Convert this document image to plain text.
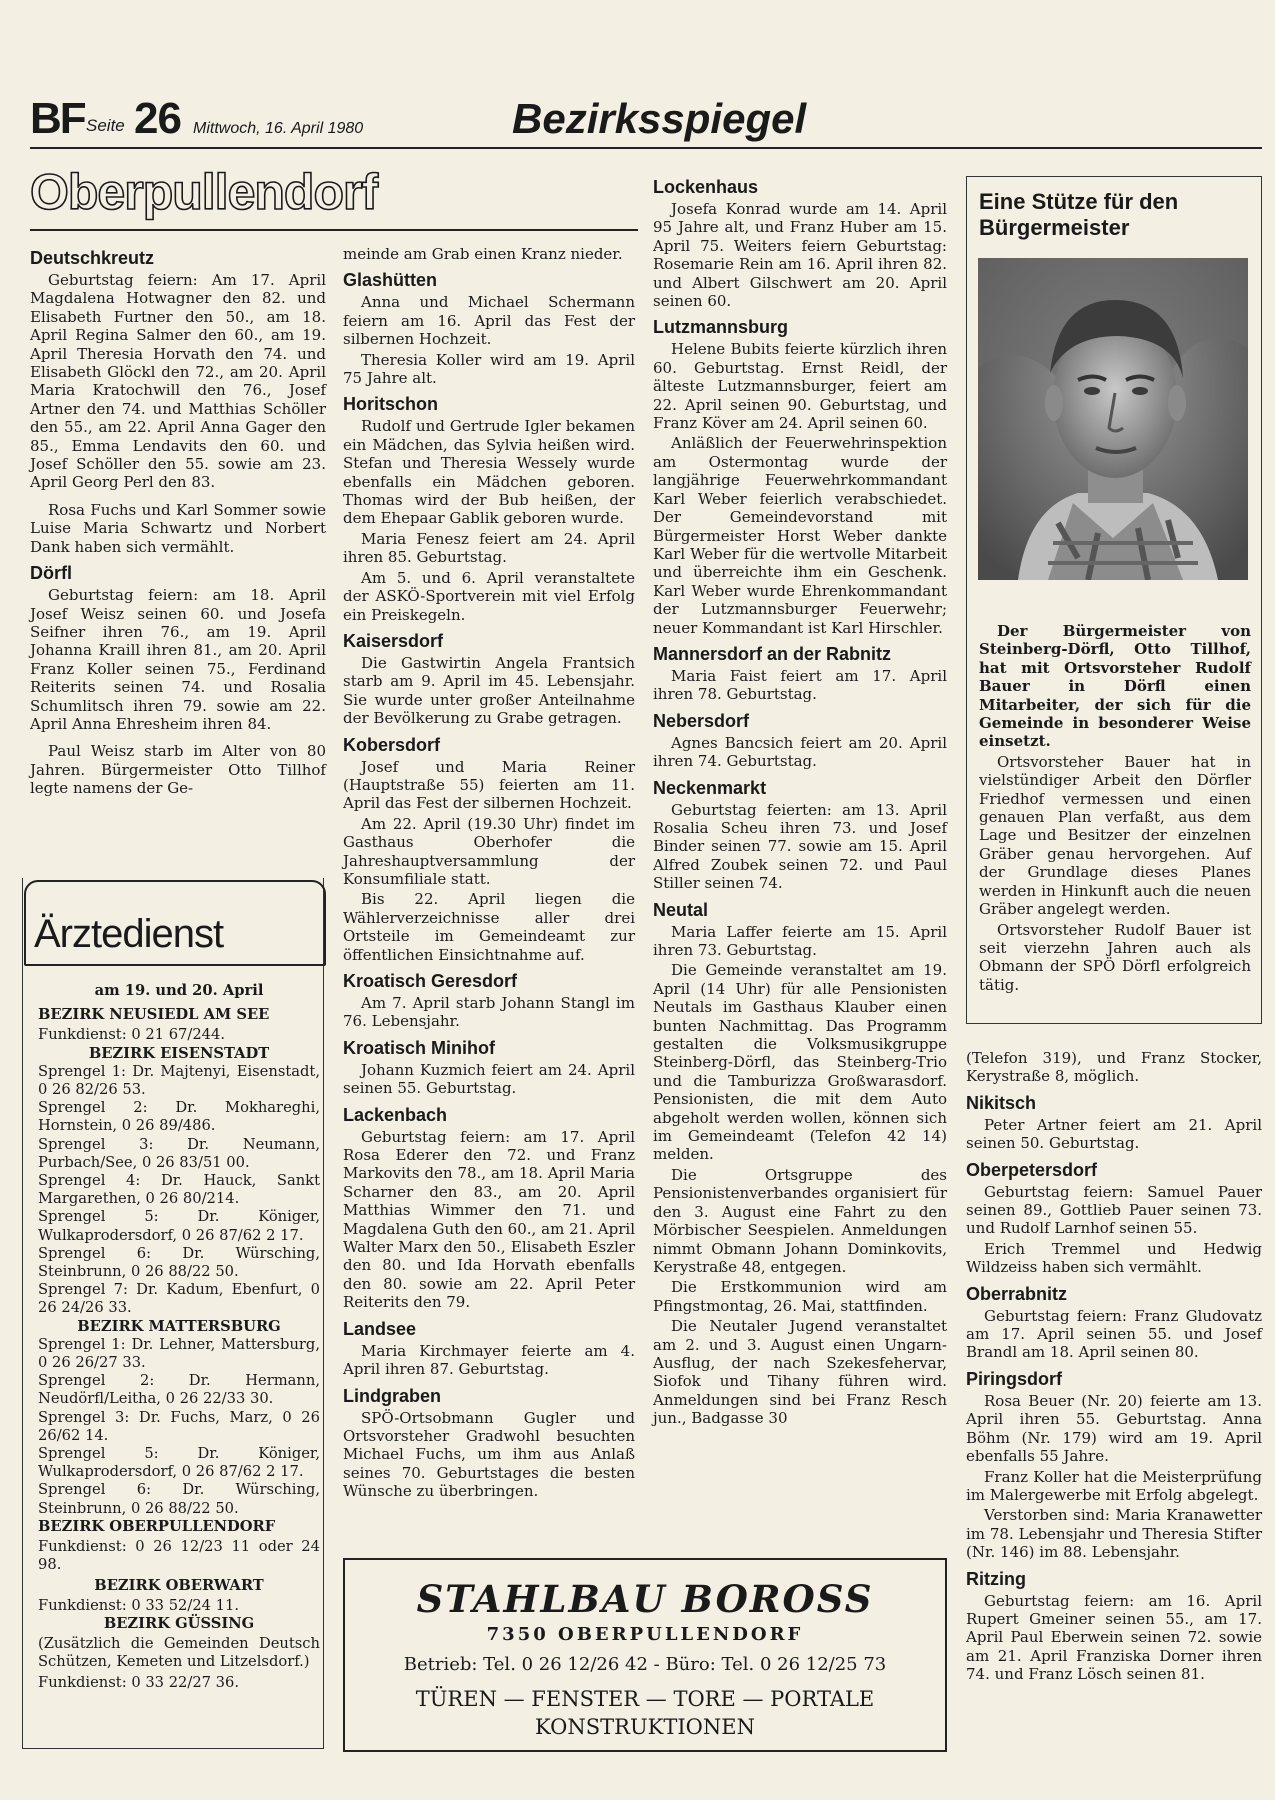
BF Seite 26 Mittwoch, 16. April 1980	Bezirksspiegel
Oberpullendorf
Deutschkreutz

Geburtstag feiern: Am 17. April Magdalena Hotwagner den 82. und Elisabeth Furtner den 50., am 18. April Regina Salmer den 60., am 19. April Theresia Horvath den 74. und Elisabeth Glöckl den 72., am 20. April Maria Kratochwill den 76., Josef Artner den 74. und Matthias Schöller den 55., am 22. April Anna Gager den 85., Emma Lendavits den 60. und Josef Schöller den 55. sowie am 23. April Georg Perl den 83.

Rosa Fuchs und Karl Sommer sowie Luise Maria Schwartz und Norbert Dank haben sich vermählt.

Dörfl

Geburtstag feiern: am 18. April Josef Weisz seinen 60. und Josefa Seifner ihren 76., am 19. April Johanna Kraill ihren 81., am 20. April Franz Koller seinen 75., Ferdinand Reiterits seinen 74. und Rosalia Schumlitsch ihren 79. sowie am 22. April Anna Ehresheim ihren 84.

Paul Weisz starb im Alter von 80 Jahren. Bürgermeister Otto Tillhof legte namens der Ge-

Ärztedienst

am 19. und 20. April

BEZIRK NEUSIEDL AM SEE

Funkdienst: 0 21 67/244.

BEZIRK EISENSTADT

Sprengel 1: Dr. Majtenyi, Eisenstadt, 0 26 82/26 53.

Sprengel 2: Dr. Mokhareghi, Hornstein, 0 26 89/486.

Sprengel 3: Dr. Neumann, Purbach/See, 0 26 83/51 00.

Sprengel 4: Dr. Hauck, Sankt Margarethen, 0 26 80/214.

Sprengel 5: Dr. Königer, Wulkaprodersdorf, 0 26 87/62 2 17.

Sprengel 6: Dr. Würsching, Steinbrunn, 0 26 88/22 50.

Sprengel 7: Dr. Kadum, Ebenfurt, 0 26 24/26 33.

BEZIRK MATTERSBURG

Sprengel 1: Dr. Lehner, Mattersburg, 0 26 26/27 33.

Sprengel 2: Dr. Hermann, Neudörfl/Leitha, 0 26 22/33 30.

Sprengel 3: Dr. Fuchs, Marz, 0 26 26/62 14.

Sprengel 5: Dr. Königer, Wulkaprodersdorf, 0 26 87/62 2 17.

Sprengel 6: Dr. Würsching, Steinbrunn, 0 26 88/22 50.

BEZIRK OBERPULLENDORF

Funkdienst: 0 26 12/23 11 oder 24 98.

BEZIRK OBERWART

Funkdienst: 0 33 52/24 11.

BEZIRK GÜSSING

(Zusätzlich die Gemeinden Deutsch Schützen, Kemeten und Litzelsdorf.)

Funkdienst: 0 33 22/27 36.

meinde am Grab einen Kranz nieder.

Glashütten

Anna und Michael Schermann feiern am 16. April das Fest der silbernen Hochzeit.

Theresia Koller wird am 19. April 75 Jahre alt.

Horitschon

Rudolf und Gertrude Igler bekamen ein Mädchen, das Sylvia heißen wird. Stefan und Theresia Wessely wurde ebenfalls ein Mädchen geboren. Thomas wird der Bub heißen, der dem Ehepaar Gablik geboren wurde.

Maria Fenesz feiert am 24. April ihren 85. Geburtstag.

Am 5. und 6. April veranstaltete der ASKÖ-Sportverein mit viel Erfolg ein Preiskegeln.

Kaisersdorf

Die Gastwirtin Angela Frantsich starb am 9. April im 45. Lebensjahr. Sie wurde unter großer Anteilnahme der Bevölkerung zu Grabe getragen.

Kobersdorf

Josef und Maria Reiner (Hauptstraße 55) feierten am 11. April das Fest der silbernen Hochzeit.

Am 22. April (19.30 Uhr) findet im Gasthaus Oberhofer die Jahreshauptversammlung der Konsumfiliale statt.

Bis 22. April liegen die Wählerverzeichnisse aller drei Ortsteile im Gemeindeamt zur öffentlichen Einsichtnahme auf.

Kroatisch Geresdorf

Am 7. April starb Johann Stangl im 76. Lebensjahr.

Kroatisch Minihof

Johann Kuzmich feiert am 24. April seinen 55. Geburtstag.

Lackenbach

Geburtstag feiern: am 17. April Rosa Ederer den 72. und Franz Markovits den 78., am 18. April Maria Scharner den 83., am 20. April Matthias Wimmer den 71. und Magdalena Guth den 60., am 21. April Walter Marx den 50., Elisabeth Eszler den 80. und Ida Horvath ebenfalls den 80. sowie am 22. April Peter Reiterits den 79.

Landsee

Maria Kirchmayer feierte am 4. April ihren 87. Geburtstag.

Lindgraben

SPÖ-Ortsobmann Gugler und Ortsvorsteher Gradwohl besuchten Michael Fuchs, um ihm aus Anlaß seines 70. Geburtstages die besten Wünsche zu überbringen.

Lockenhaus

Josefa Konrad wurde am 14. April 95 Jahre alt, und Franz Huber am 15. April 75. Weiters feiern Geburtstag: Rosemarie Rein am 16. April ihren 82. und Albert Gilschwert am 20. April seinen 60.

Lutzmannsburg

Helene Bubits feierte kürzlich ihren 60. Geburtstag. Ernst Reidl, der älteste Lutzmannsburger, feiert am 22. April seinen 90. Geburtstag, und Franz Köver am 24. April seinen 60.

Anläßlich der Feuerwehrinspektion am Ostermontag wurde der langjährige Feuerwehrkommandant Karl Weber feierlich verabschiedet. Der Gemeindevorstand mit Bürgermeister Horst Weber dankte Karl Weber für die wertvolle Mitarbeit und überreichte ihm ein Geschenk. Karl Weber wurde Ehrenkommandant der Lutzmannsburger Feuerwehr; neuer Kommandant ist Karl Hirschler.

Mannersdorf an der Rabnitz

Maria Faist feiert am 17. April ihren 78. Geburtstag.

Nebersdorf

Agnes Bancsich feiert am 20. April ihren 74. Geburtstag.

Neckenmarkt

Geburtstag feierten: am 13. April Rosalia Scheu ihren 73. und Josef Binder seinen 77. sowie am 15. April Alfred Zoubek seinen 72. und Paul Stiller seinen 74.

Neutal

Maria Laffer feierte am 15. April ihren 73. Geburtstag.

Die Gemeinde veranstaltet am 19. April (14 Uhr) für alle Pensionisten Neutals im Gasthaus Klauber einen bunten Nachmittag. Das Programm gestalten die Volksmusikgruppe Steinberg-Dörfl, das Steinberg-Trio und die Tamburizza Großwarasdorf. Pensionisten, die mit dem Auto abgeholt werden wollen, können sich im Gemeindeamt (Telefon 42 14) melden.

Die Ortsgruppe des Pensionistenverbandes organisiert für den 3. August eine Fahrt zu den Mörbischer Seespielen. Anmeldungen nimmt Obmann Johann Dominkovits, Kerystraße 48, entgegen.

Die Erstkommunion wird am Pfingstmontag, 26. Mai, stattfinden.

Die Neutaler Jugend veranstaltet am 2. und 3. August einen Ungarn-Ausflug, der nach Szekesfehervar, Siofok und Tihany führen wird. Anmeldungen sind bei Franz Resch jun., Badgasse 30

Eine Stütze für den Bürgermeister

Der Bürgermeister von Steinberg-Dörfl, Otto Tillhof, hat mit Ortsvorsteher Rudolf Bauer in Dörfl einen Mitarbeiter, der sich für die Gemeinde in besonderer Weise einsetzt.

Ortsvorsteher Bauer hat in vielstündiger Arbeit den Dörfler Friedhof vermessen und einen genauen Plan verfaßt, aus dem Lage und Besitzer der einzelnen Gräber genau hervorgehen. Auf der Grundlage dieses Planes werden in Hinkunft auch die neuen Gräber angelegt werden.

Ortsvorsteher Rudolf Bauer ist seit vierzehn Jahren auch als Obmann der SPÖ Dörfl erfolgreich tätig.

(Telefon 319), und Franz Stocker, Kerystraße 8, möglich.

Nikitsch

Peter Artner feiert am 21. April seinen 50. Geburtstag.

Oberpetersdorf

Geburtstag feiern: Samuel Pauer seinen 89., Gottlieb Pauer seinen 73. und Rudolf Larnhof seinen 55.

Erich Tremmel und Hedwig Wildzeiss haben sich vermählt.

Oberrabnitz

Geburtstag feiern: Franz Gludovatz am 17. April seinen 55. und Josef Brandl am 18. April seinen 80.

Piringsdorf

Rosa Beuer (Nr. 20) feierte am 13. April ihren 55. Geburtstag. Anna Böhm (Nr. 179) wird am 19. April ebenfalls 55 Jahre.

Franz Koller hat die Meisterprüfung im Malergewerbe mit Erfolg abgelegt.

Verstorben sind: Maria Kranawetter im 78. Lebensjahr und Theresia Stifter (Nr. 146) im 88. Lebensjahr.

Ritzing

Geburtstag feiern: am 16. April Rupert Gmeiner seinen 55., am 17. April Paul Eberwein seinen 72. sowie am 21. April Franziska Dorner ihren 74. und Franz Lösch seinen 81.

STAHLBAU BOROSS
7350 OBERPULLENDORF
Betrieb: Tel. 0 26 12/26 42 - Büro: Tel. 0 26 12/25 73
TÜREN — FENSTER — TORE — PORTALE
KONSTRUKTIONEN
